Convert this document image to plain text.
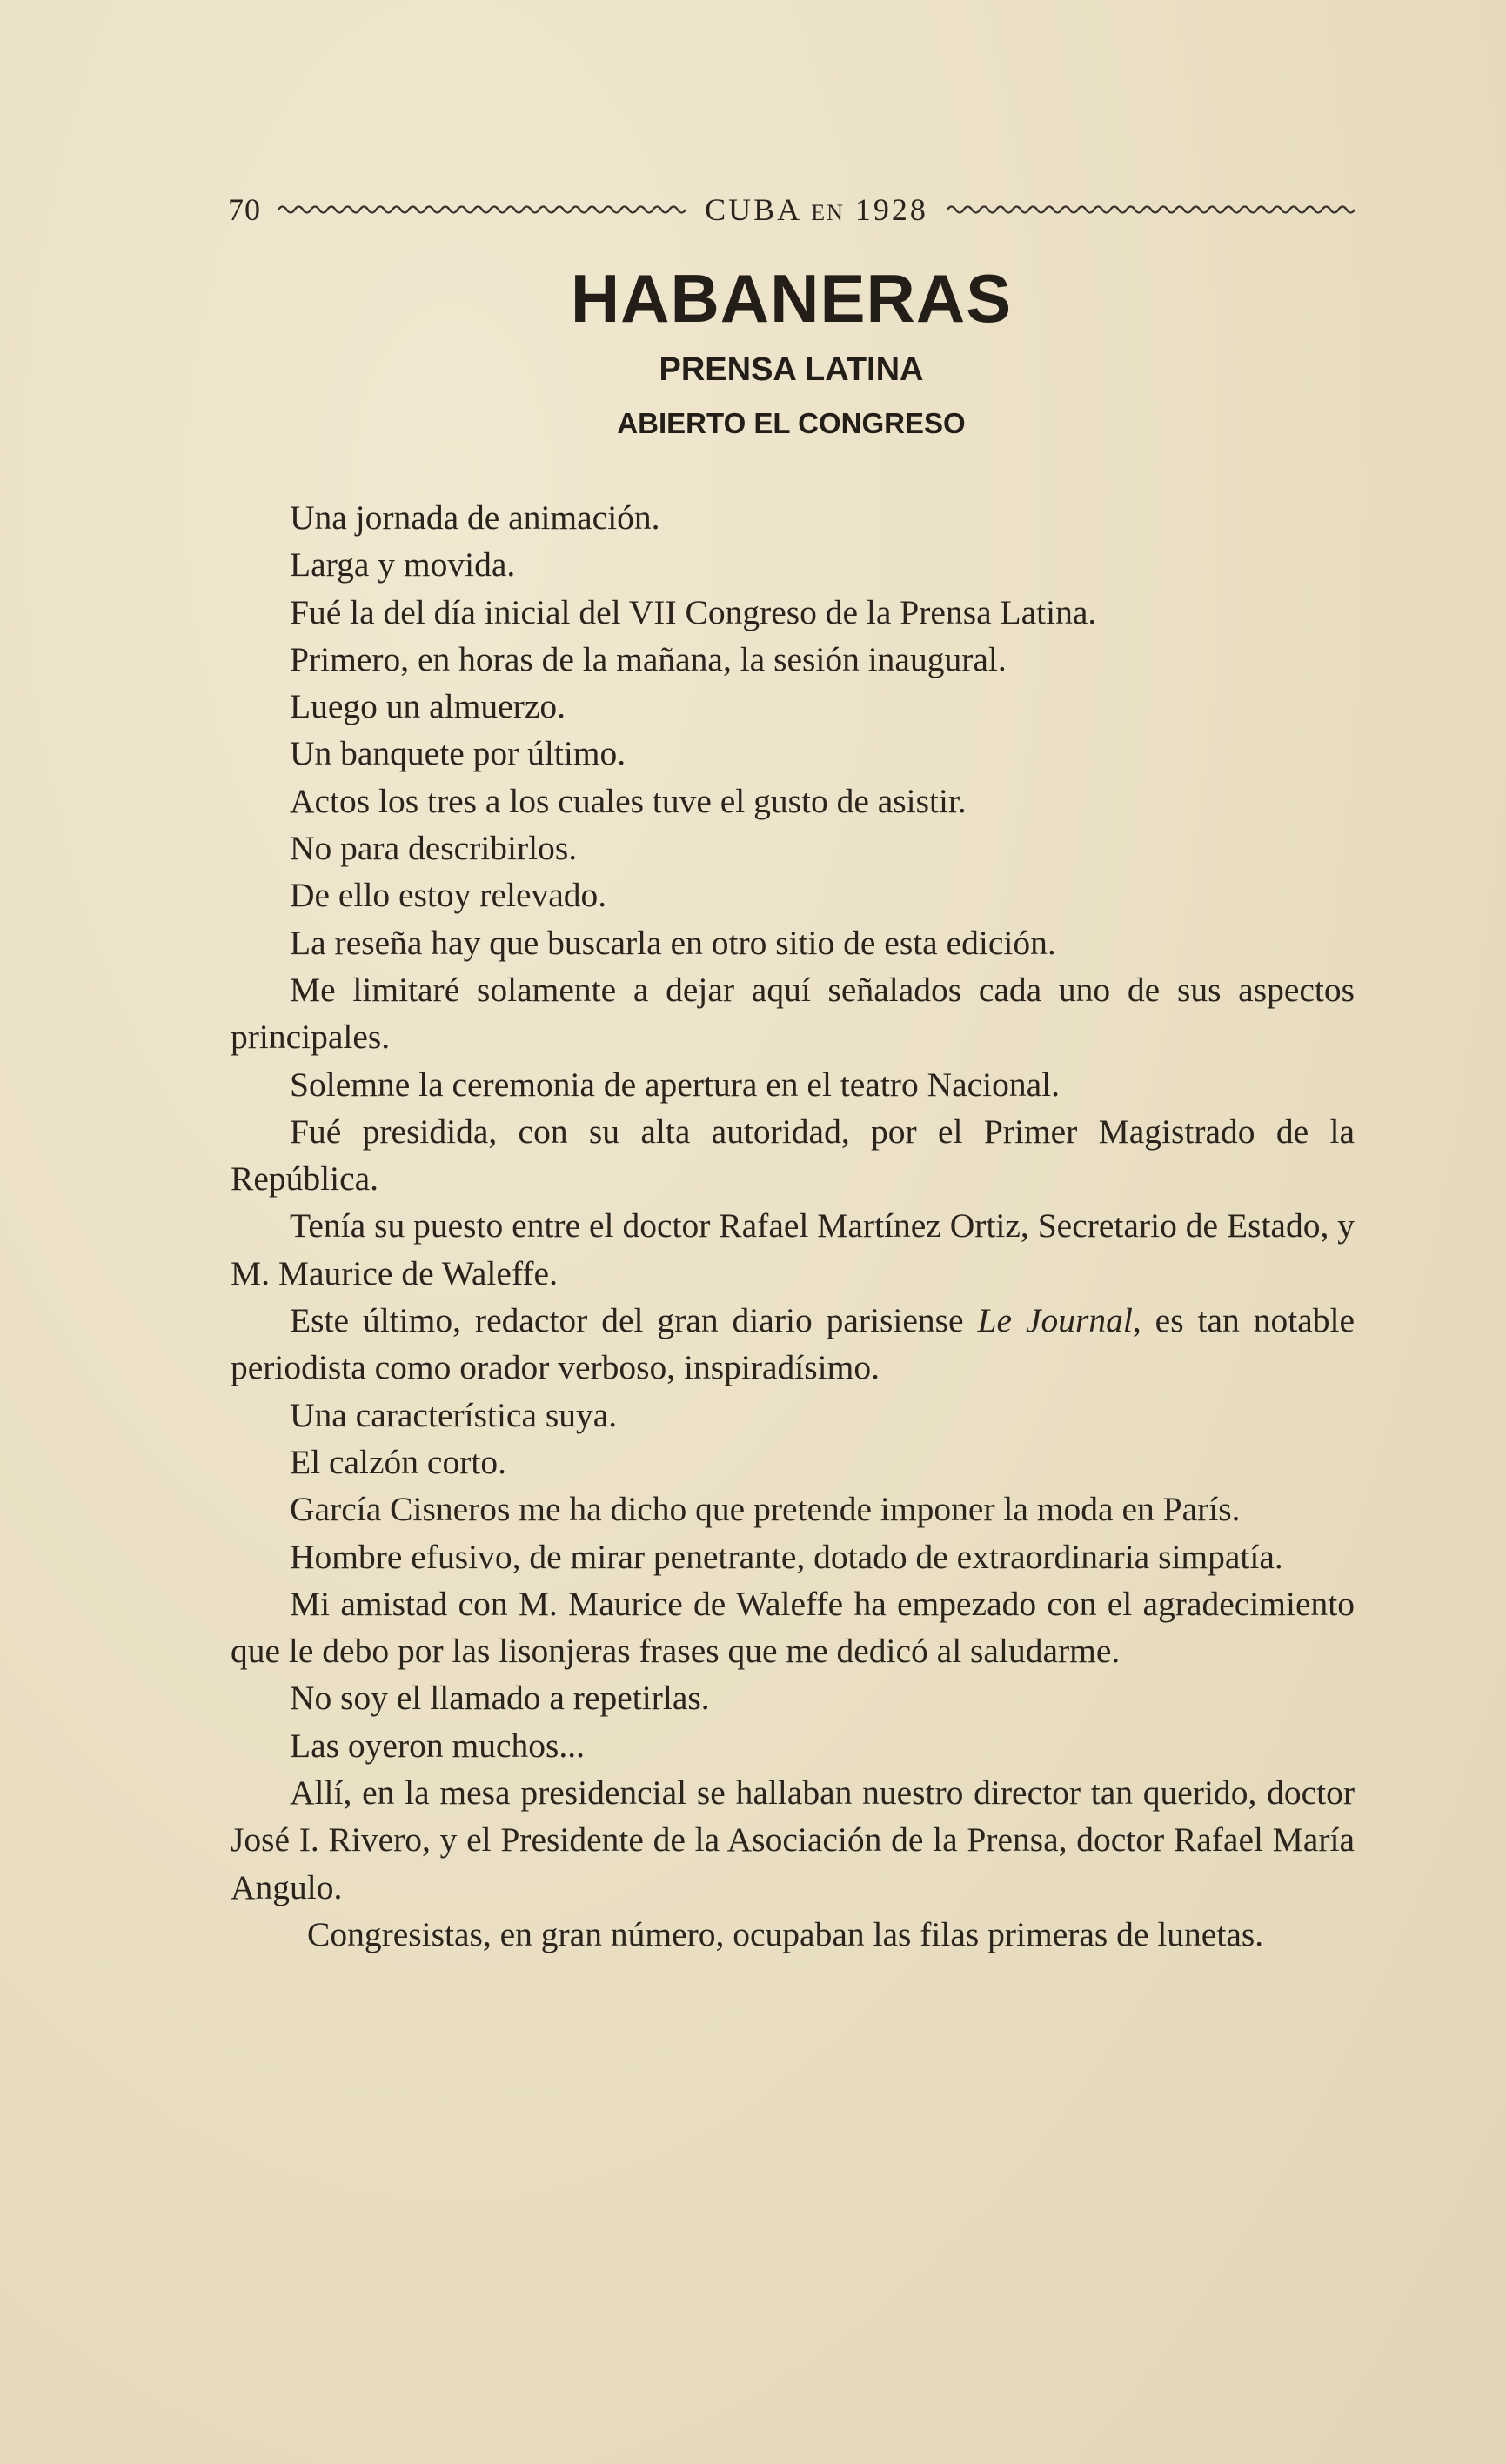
70	CUBA EN 1928
HABANERAS
PRENSA LATINA
ABIERTO EL CONGRESO

Una jornada de animación.

Larga y movida.

Fué la del día inicial del VII Congreso de la Prensa Latina.

Primero, en horas de la mañana, la sesión inaugural.

Luego un almuerzo.

Un banquete por último.

Actos los tres a los cuales tuve el gusto de asistir.

No para describirlos.

De ello estoy relevado.

La reseña hay que buscarla en otro sitio de esta edición.

Me limitaré solamente a dejar aquí señalados cada uno de sus aspectos principales.

Solemne la ceremonia de apertura en el teatro Nacional.

Fué presidida, con su alta autoridad, por el Primer Magistrado de la República.

Tenía su puesto entre el doctor Rafael Martínez Ortiz, Secretario de Estado, y M. Maurice de Waleffe.

Este último, redactor del gran diario parisiense Le Journal, es tan notable periodista como orador verboso, inspiradísimo.

Una característica suya.

El calzón corto.

García Cisneros me ha dicho que pretende imponer la moda en París.

Hombre efusivo, de mirar penetrante, dotado de extraordinaria simpatía.

Mi amistad con M. Maurice de Waleffe ha empezado con el agradecimiento que le debo por las lisonjeras frases que me dedicó al saludarme.

No soy el llamado a repetirlas.

Las oyeron muchos...

Allí, en la mesa presidencial se hallaban nuestro director tan querido, doctor José I. Rivero, y el Presidente de la Asociación de la Prensa, doctor Rafael María Angulo.

Congresistas, en gran número, ocupaban las filas primeras de lunetas.
